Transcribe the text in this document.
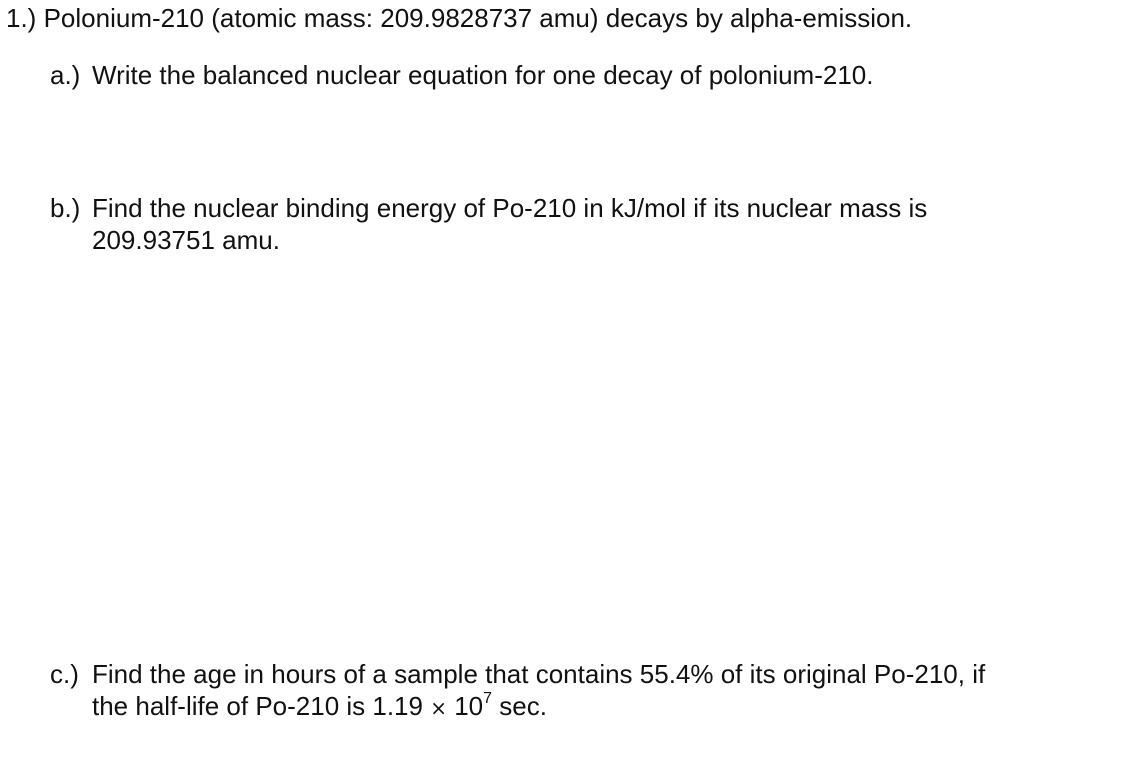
1.) Polonium-210 (atomic mass: 209.9828737 amu) decays by alpha-emission.
a.) Write the balanced nuclear equation for one decay of polonium-210.
b.) Find the nuclear binding energy of Po-210 in kJ/mol if its nuclear mass is
209.93751 amu.
c.) Find the age in hours of a sample that contains 55.4% of its original Po-210, if
the half-life of Po-210 is $1.19 \times 10^7$ sec.
